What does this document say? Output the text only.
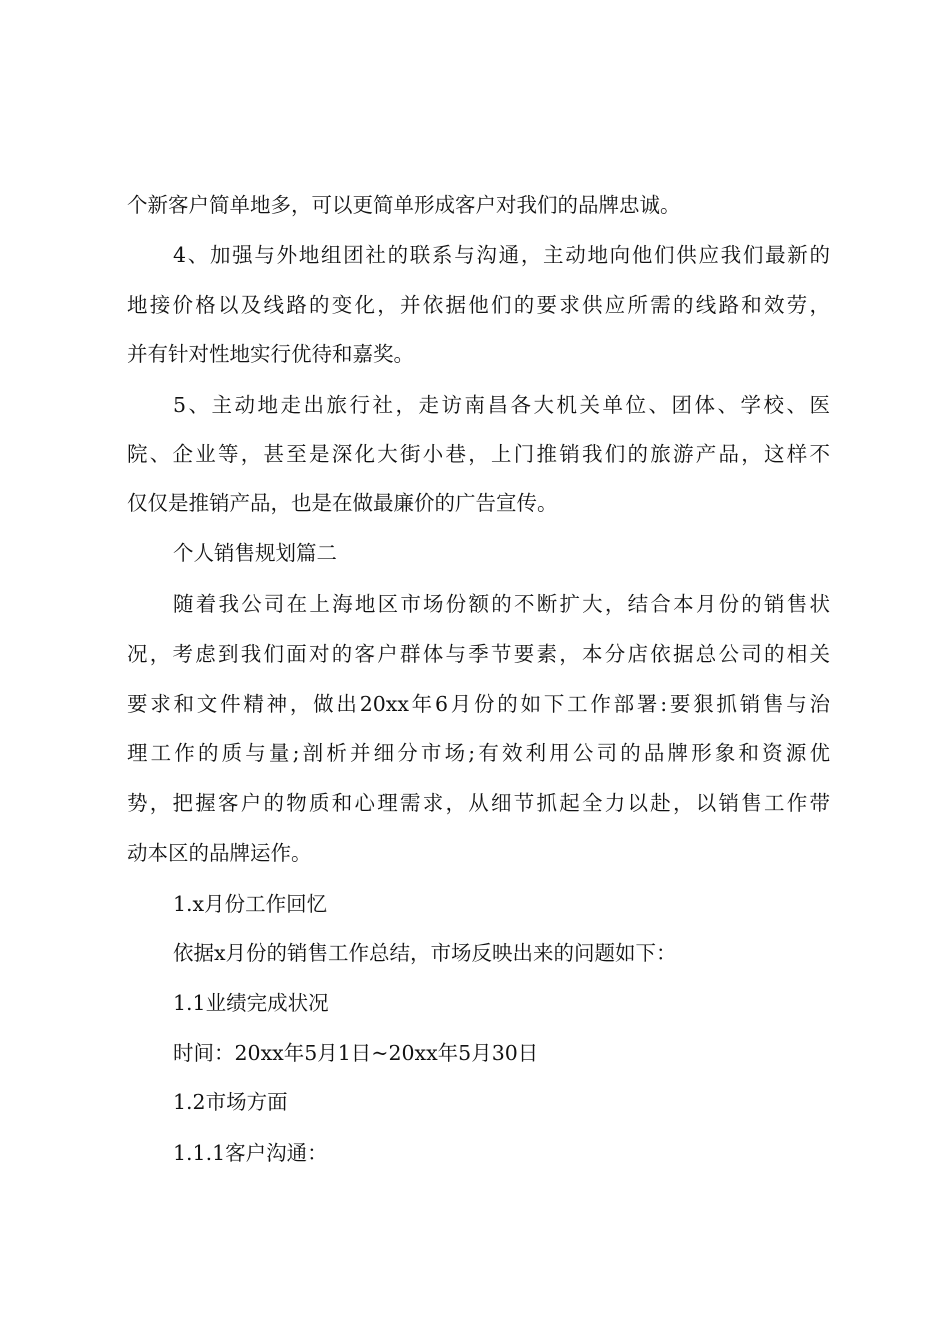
个新客户简单地多，可以更简单形成客户对我们的品牌忠诚。
4、加强与外地组团社的联系与沟通，主动地向他们供应我们最新的
地接价格以及线路的变化，并依据他们的要求供应所需的线路和效劳，
并有针对性地实行优待和嘉奖。
5、主动地走出旅行社，走访南昌各大机关单位、团体、学校、医
院、企业等，甚至是深化大街小巷，上门推销我们的旅游产品，这样不
仅仅是推销产品，也是在做最廉价的广告宣传。
个人销售规划篇二
随着我公司在上海地区市场份额的不断扩大，结合本月份的销售状
况，考虑到我们面对的客户群体与季节要素，本分店依据总公司的相关
要求和文件精神，做出20xx年6月份的如下工作部署:要狠抓销售与治
理工作的质与量;剖析并细分市场;有效利用公司的品牌形象和资源优
势，把握客户的物质和心理需求，从细节抓起全力以赴，以销售工作带
动本区的品牌运作。
1.x月份工作回忆
依据x月份的销售工作总结，市场反映出来的问题如下：
1.1业绩完成状况
时间：20xx年5月1日~20xx年5月30日
1.2市场方面
1.1.1客户沟通：
